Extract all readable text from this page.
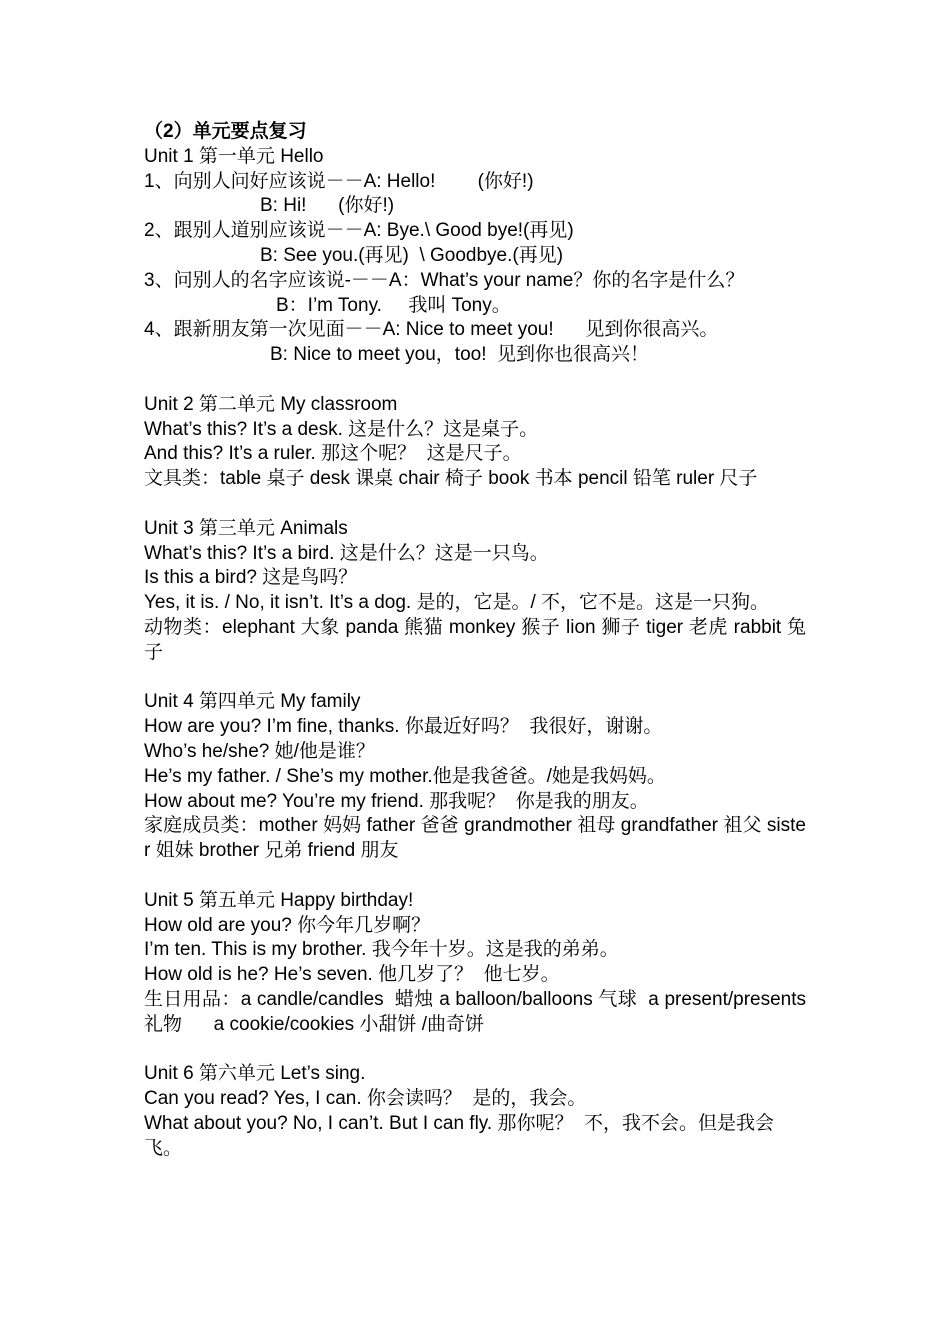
（2）单元要点复习
Unit 1 第一单元 Hello
1、向别人问好应该说－－A: Hello!        (你好!)
B: Hi!      (你好!)
2、跟别人道别应该说－－A: Bye.\ Good bye!(再见)
B: See you.(再见)  \ Goodbye.(再见)
3、问别人的名字应该说-－－A：What’s your name？你的名字是什么？
B：I’m Tony.     我叫 Tony。
4、跟新朋友第一次见面－－A: Nice to meet you!      见到你很高兴。
B: Nice to meet you，too!  见到你也很高兴！
Unit 2 第二单元 My classroom
What’s this? It’s a desk. 这是什么？这是桌子。
And this? It’s a ruler. 那这个呢？  这是尺子。
文具类：table 桌子 desk 课桌 chair 椅子 book 书本 pencil 铅笔 ruler 尺子
Unit 3 第三单元 Animals
What’s this? It’s a bird. 这是什么？这是一只鸟。
Is this a bird? 这是鸟吗？
Yes, it is. / No, it isn’t. It’s a dog. 是的，它是。/ 不，它不是。这是一只狗。
动物类：elephant 大象 panda 熊猫 monkey 猴子 lion 狮子 tiger 老虎 rabbit 兔子
Unit 4 第四单元 My family
How are you? I’m fine, thanks. 你最近好吗？  我很好，谢谢。
Who’s he/she? 她/他是谁？
He’s my father. / She’s my mother.他是我爸爸。/她是我妈妈。
How about me? You’re my friend. 那我呢？  你是我的朋友。
家庭成员类：mother 妈妈 father 爸爸 grandmother 祖母 grandfather 祖父 sister 姐妹 brother 兄弟 friend 朋友
Unit 5 第五单元 Happy birthday!
How old are you? 你今年几岁啊？
I’m ten. This is my brother. 我今年十岁。这是我的弟弟。
How old is he? He’s seven. 他几岁了？  他七岁。
生日用品：a candle/candles  蜡烛 a balloon/balloons 气球  a present/presents 礼物      a cookie/cookies 小甜饼 /曲奇饼
Unit 6 第六单元 Let’s sing.
Can you read? Yes, I can. 你会读吗？  是的，我会。
What about you? No, I can’t. But I can fly. 那你呢？  不，我不会。但是我会飞。
